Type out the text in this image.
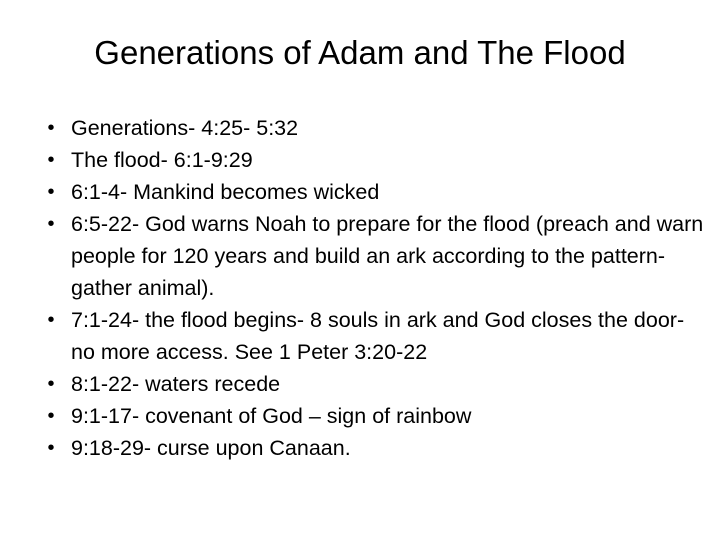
Generations of Adam and The Flood
• Generations- 4:25- 5:32
• The flood- 6:1-9:29
• 6:1-4- Mankind becomes wicked
• 6:5-22- God warns Noah to prepare for the flood (preach and warn people for 120 years and build an ark according to the pattern- gather animal).
• 7:1-24- the flood begins- 8 souls in ark and God closes the door- no more access. See 1 Peter 3:20-22
• 8:1-22- waters recede
• 9:1-17- covenant of God – sign of rainbow
• 9:18-29- curse upon Canaan.
